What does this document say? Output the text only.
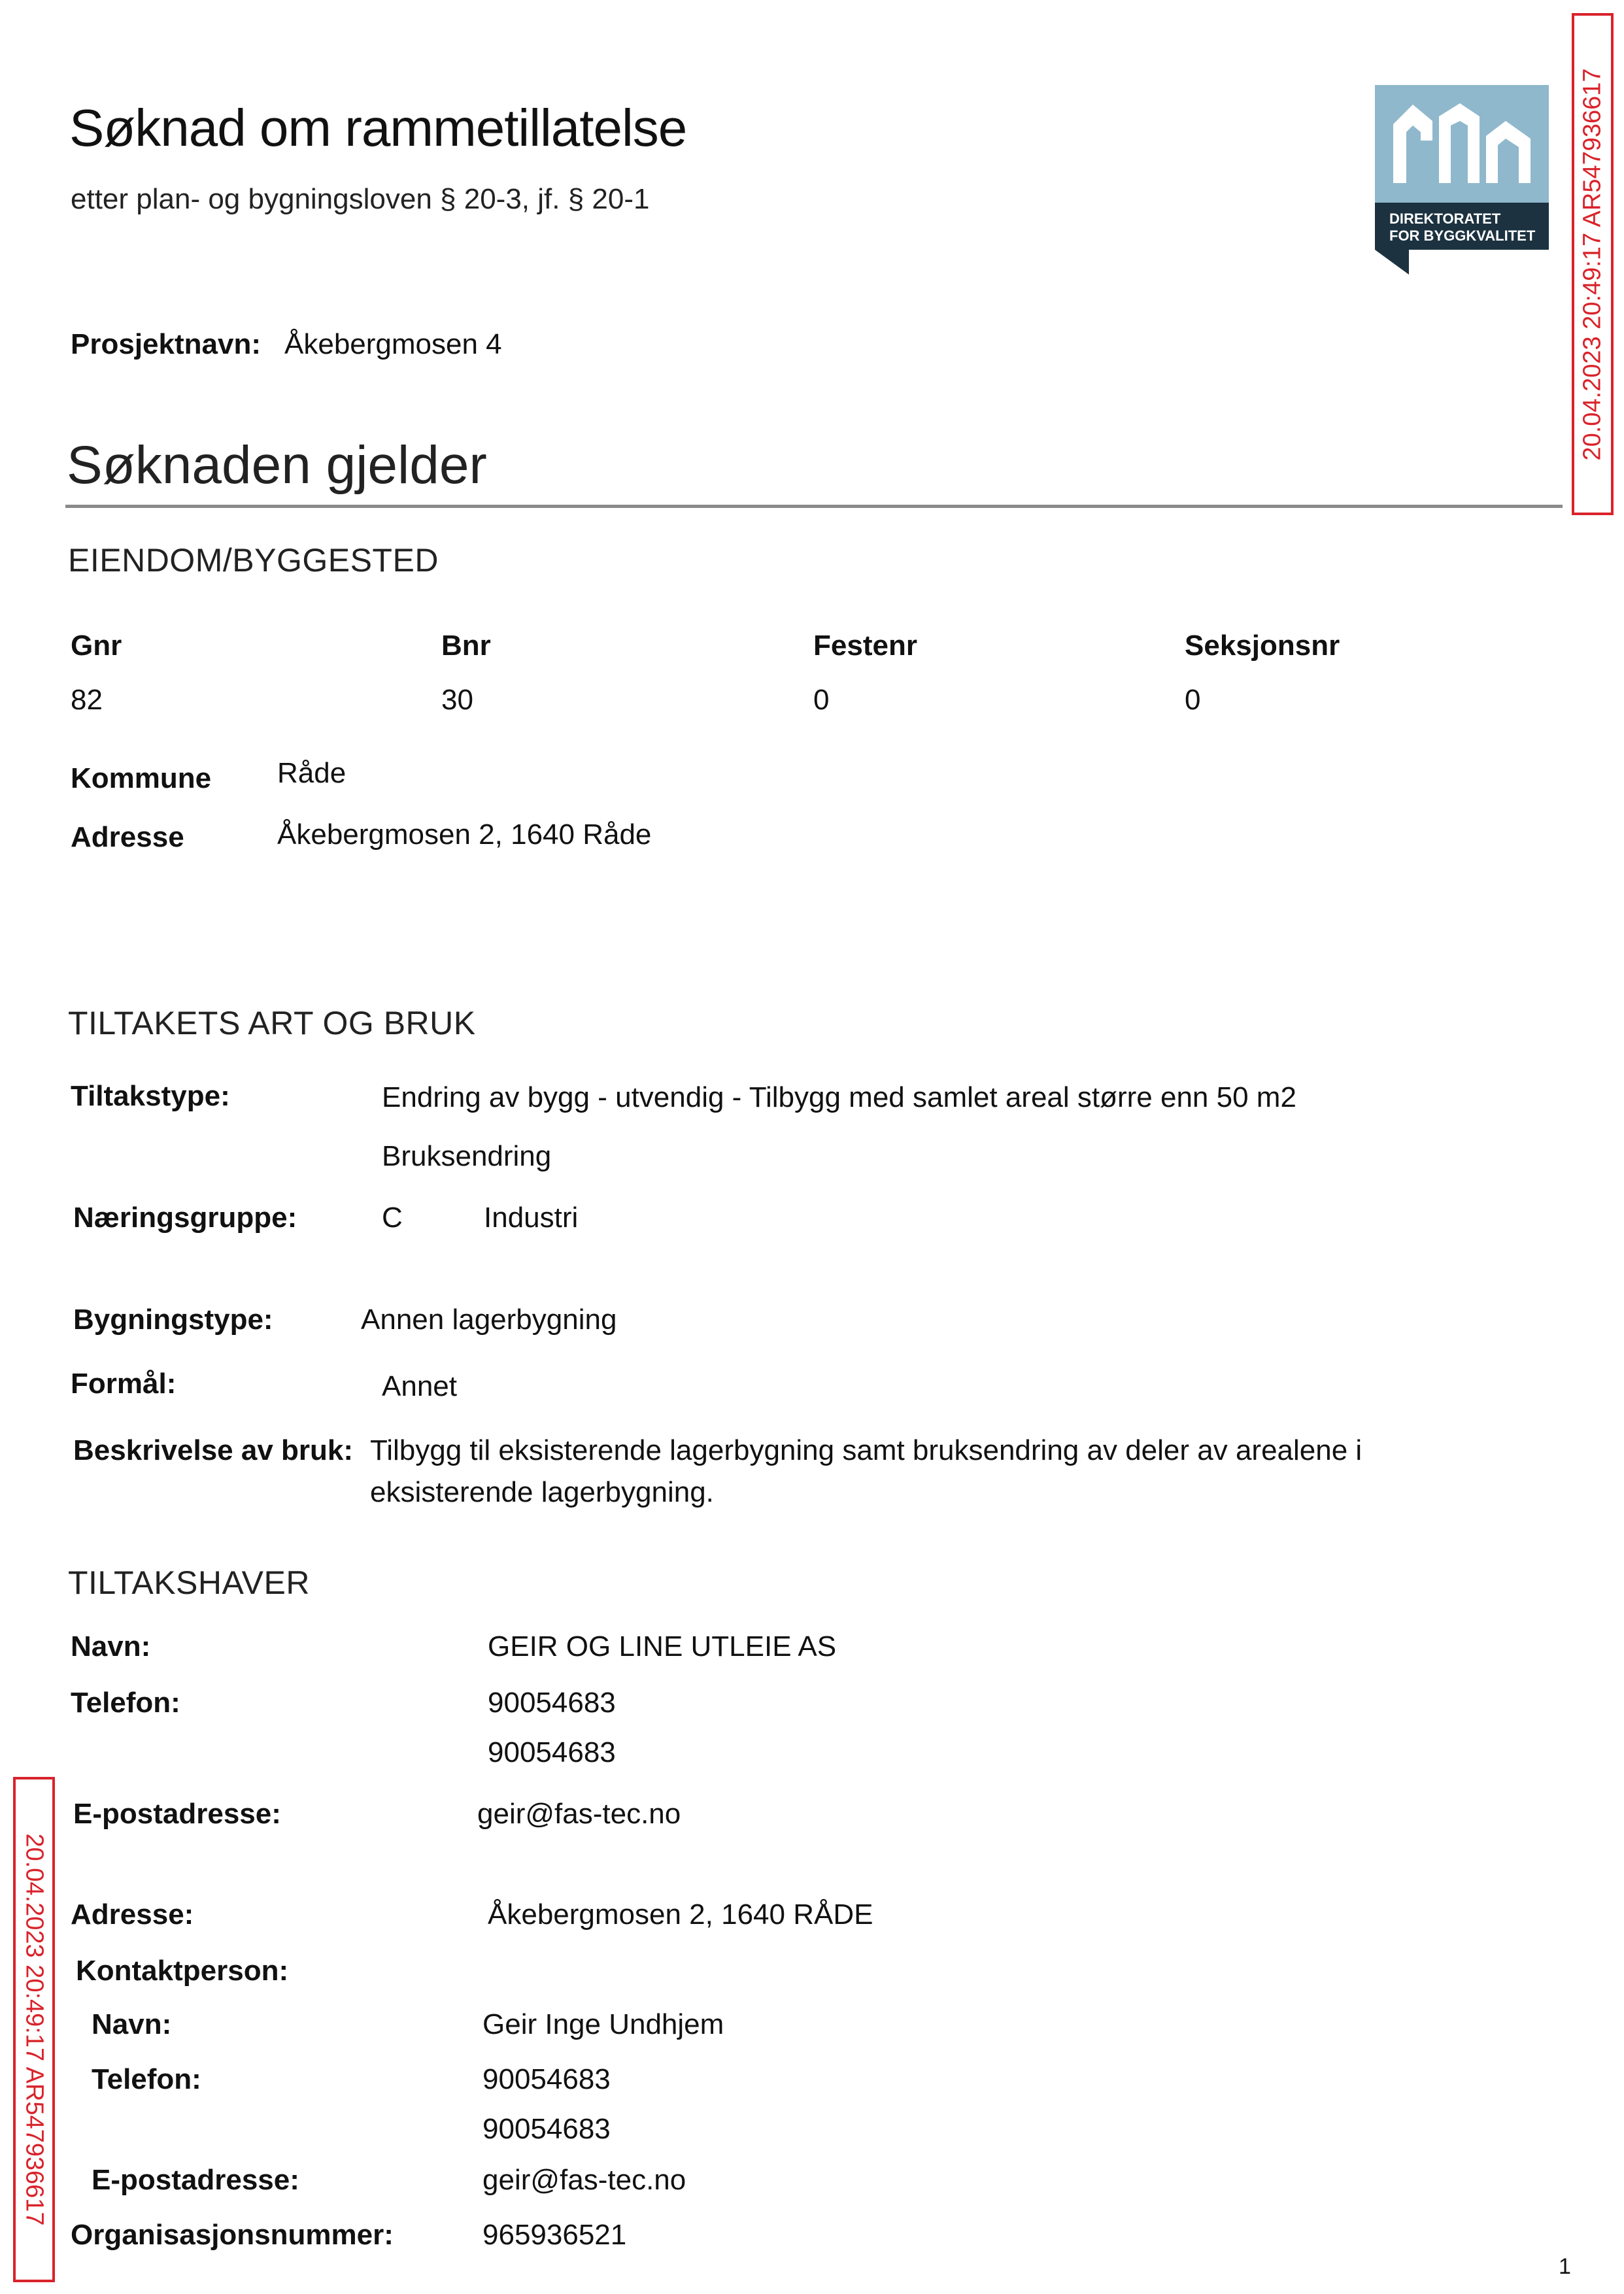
Søknad om rammetillatelse
etter plan- og bygningsloven § 20-3, jf. § 20-1
Prosjektnavn: Åkebergmosen 4
DIREKTORATET
FOR BYGGKVALITET 20.04.2023 20:49:17 AR547936617
20.04.2023 20:49:17 AR547936617
Søknaden gjelder
EIENDOM/BYGGESTED
Gnr	Bnr	Festenr	Seksjonsnr
82	30	0	0
Kommune Råde
Adresse	Åkebergmosen 2, 1640 Råde
TILTAKETS ART OG BRUK
Tiltakstype:	Endring av bygg - utvendig - Tilbygg med samlet areal større enn 50 m2
Bruksendring
Næringsgruppe:	C	Industri
Bygningstype:	Annen lagerbygning
Formål:	Annet
Beskrivelse av bruk: Tilbygg til eksisterende lagerbygning samt bruksendring av deler av arealene i
eksisterende lagerbygning.
TILTAKSHAVER
Navn:	GEIR OG LINE UTLEIE AS
Telefon:	90054683
90054683
E-postadresse:	geir@fas-tec.no
Adresse:	Åkebergmosen 2, 1640 RÅDE
Kontaktperson:
Navn:	Geir Inge Undhjem
Telefon:	90054683
90054683
E-postadresse:	geir@fas-tec.no
Organisasjonsnummer:	965936521
1
